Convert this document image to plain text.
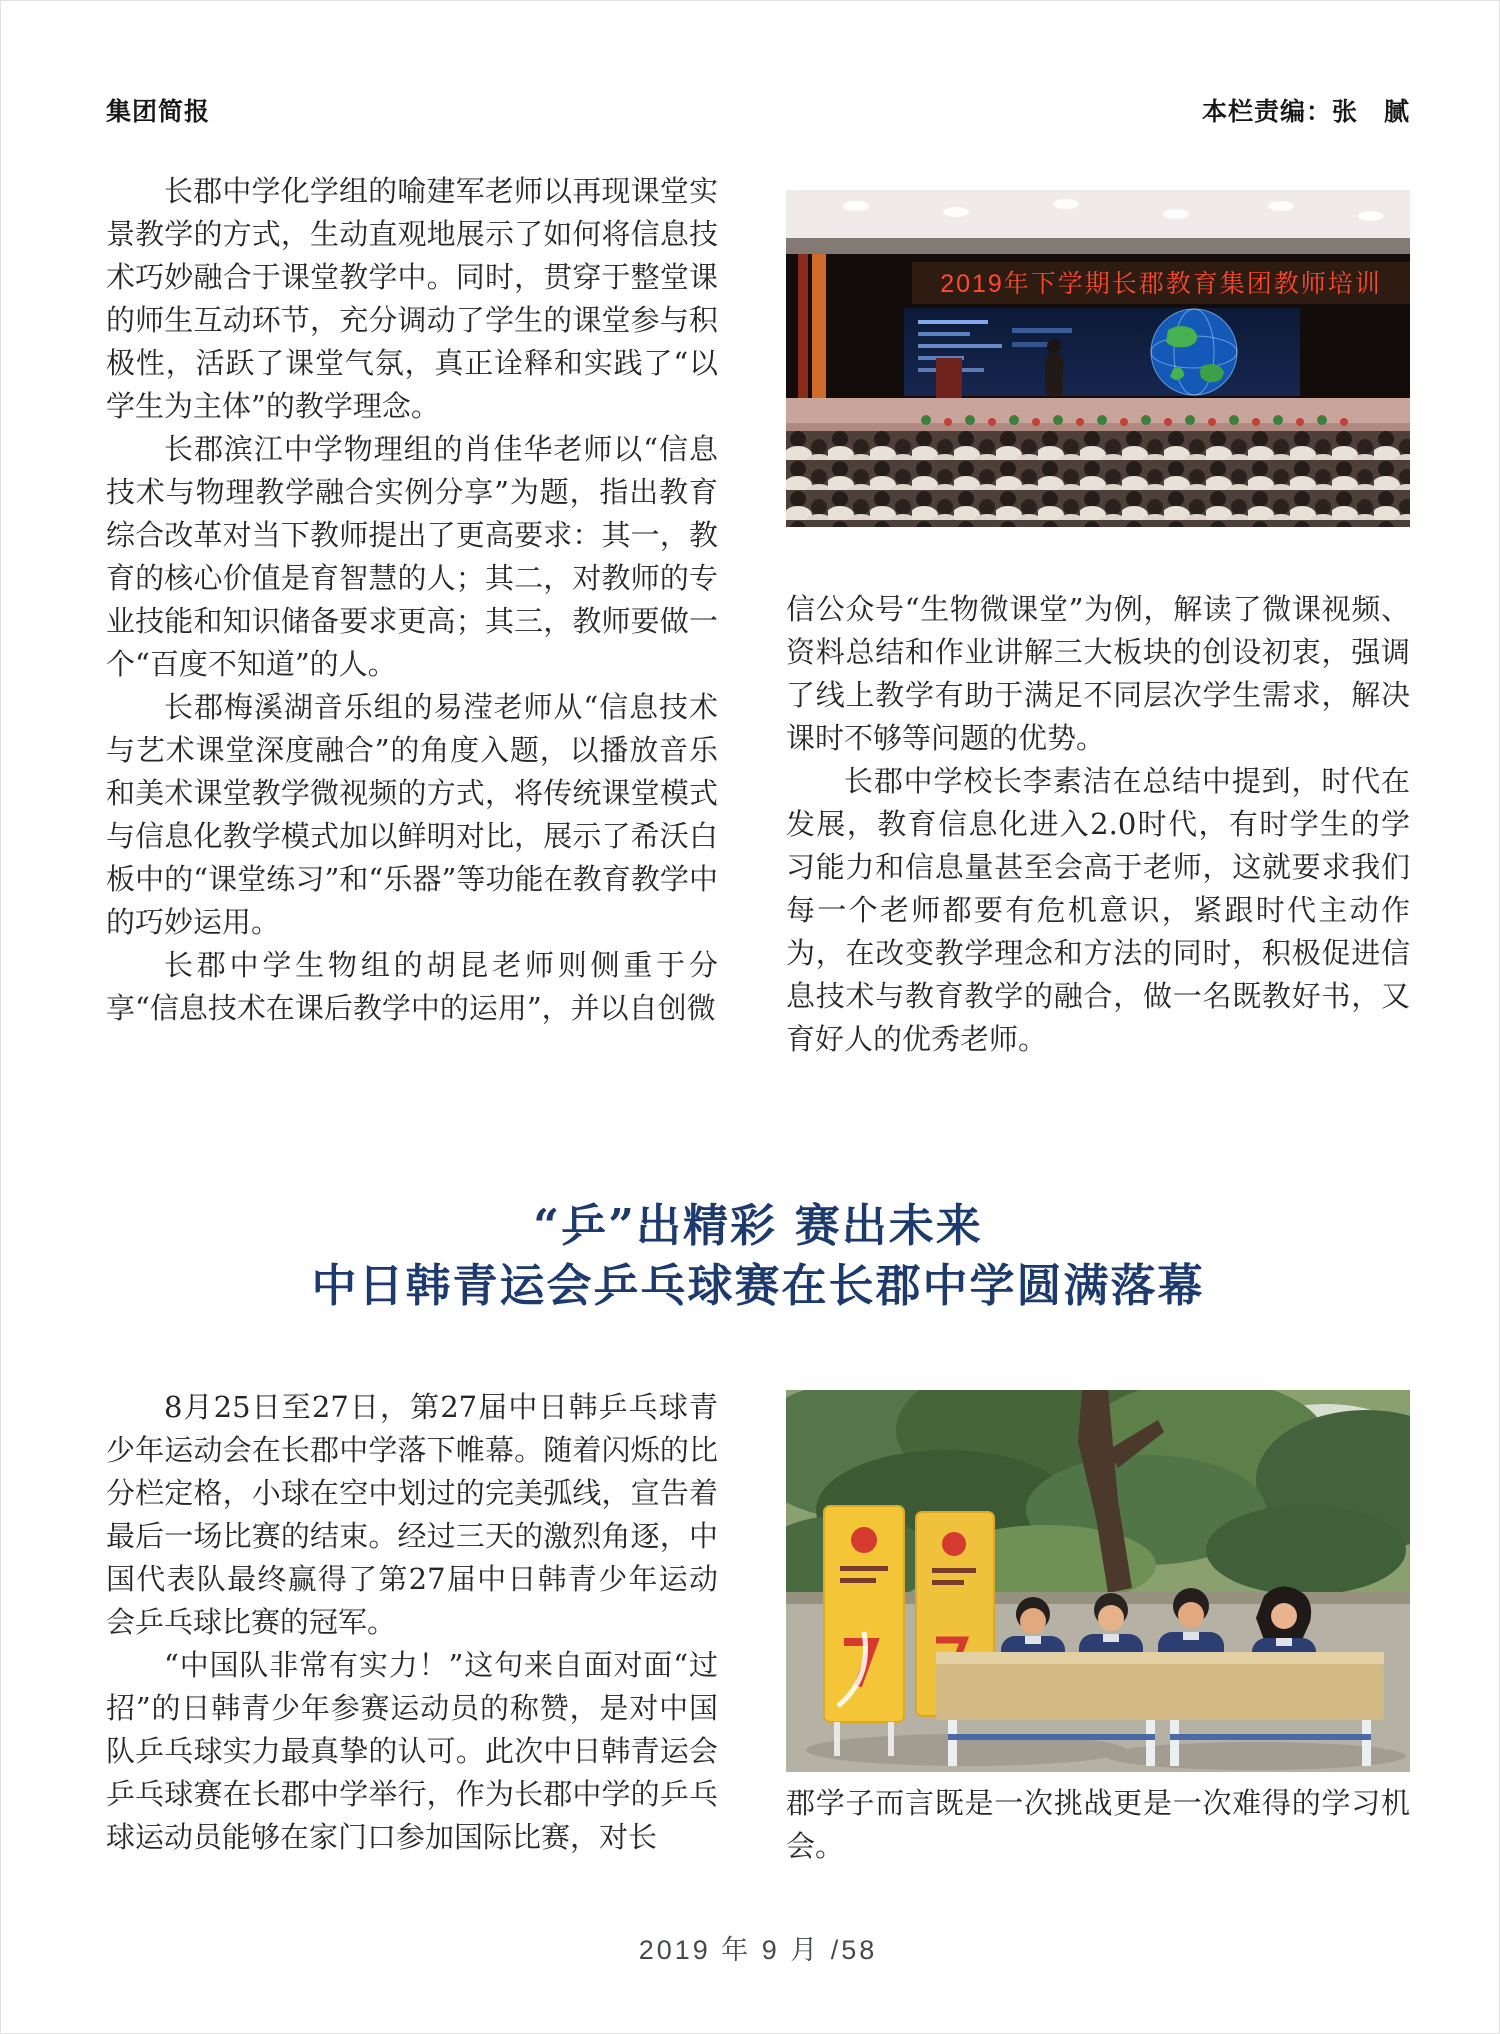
集团简报	本栏责编：张　腻

长郡中学化学组的喻建军老师以再现课堂实景教学的方式，生动直观地展示了如何将信息技术巧妙融合于课堂教学中。同时，贯穿于整堂课的师生互动环节，充分调动了学生的课堂参与积极性，活跃了课堂气氛，真正诠释和实践了“以学生为主体”的教学理念。

长郡滨江中学物理组的肖佳华老师以“信息技术与物理教学融合实例分享”为题，指出教育综合改革对当下教师提出了更高要求：其一，教育的核心价值是育智慧的人；其二，对教师的专业技能和知识储备要求更高；其三，教师要做一个“百度不知道”的人。

长郡梅溪湖音乐组的易滢老师从“信息技术与艺术课堂深度融合”的角度入题，以播放音乐和美术课堂教学微视频的方式，将传统课堂模式与信息化教学模式加以鲜明对比，展示了希沃白板中的“课堂练习”和“乐器”等功能在教育教学中的巧妙运用。

长郡中学生物组的胡昆老师则侧重于分享“信息技术在课后教学中的运用”，并以自创微

2019年下学期长郡教育集团教师培训

信公众号“生物微课堂”为例，解读了微课视频、资料总结和作业讲解三大板块的创设初衷，强调了线上教学有助于满足不同层次学生需求，解决课时不够等问题的优势。

长郡中学校长李素洁在总结中提到，时代在发展，教育信息化进入2.0时代，有时学生的学习能力和信息量甚至会高于老师，这就要求我们每一个老师都要有危机意识，紧跟时代主动作为，在改变教学理念和方法的同时，积极促进信息技术与教育教学的融合，做一名既教好书，又育好人的优秀老师。

“乒”出精彩 赛出未来
中日韩青运会乒乓球赛在长郡中学圆满落幕

8月25日至27日，第27届中日韩乒乓球青少年运动会在长郡中学落下帷幕。随着闪烁的比分栏定格，小球在空中划过的完美弧线，宣告着最后一场比赛的结束。经过三天的激烈角逐，中国代表队最终赢得了第27届中日韩青少年运动会乒乓球比赛的冠军。

“中国队非常有实力！”这句来自面对面“过招”的日韩青少年参赛运动员的称赞，是对中国队乒乓球实力最真挚的认可。此次中日韩青运会乒乓球赛在长郡中学举行，作为长郡中学的乒乓球运动员能够在家门口参加国际比赛，对长

郡学子而言既是一次挑战更是一次难得的学习机会。

2019 年 9 月 /58
